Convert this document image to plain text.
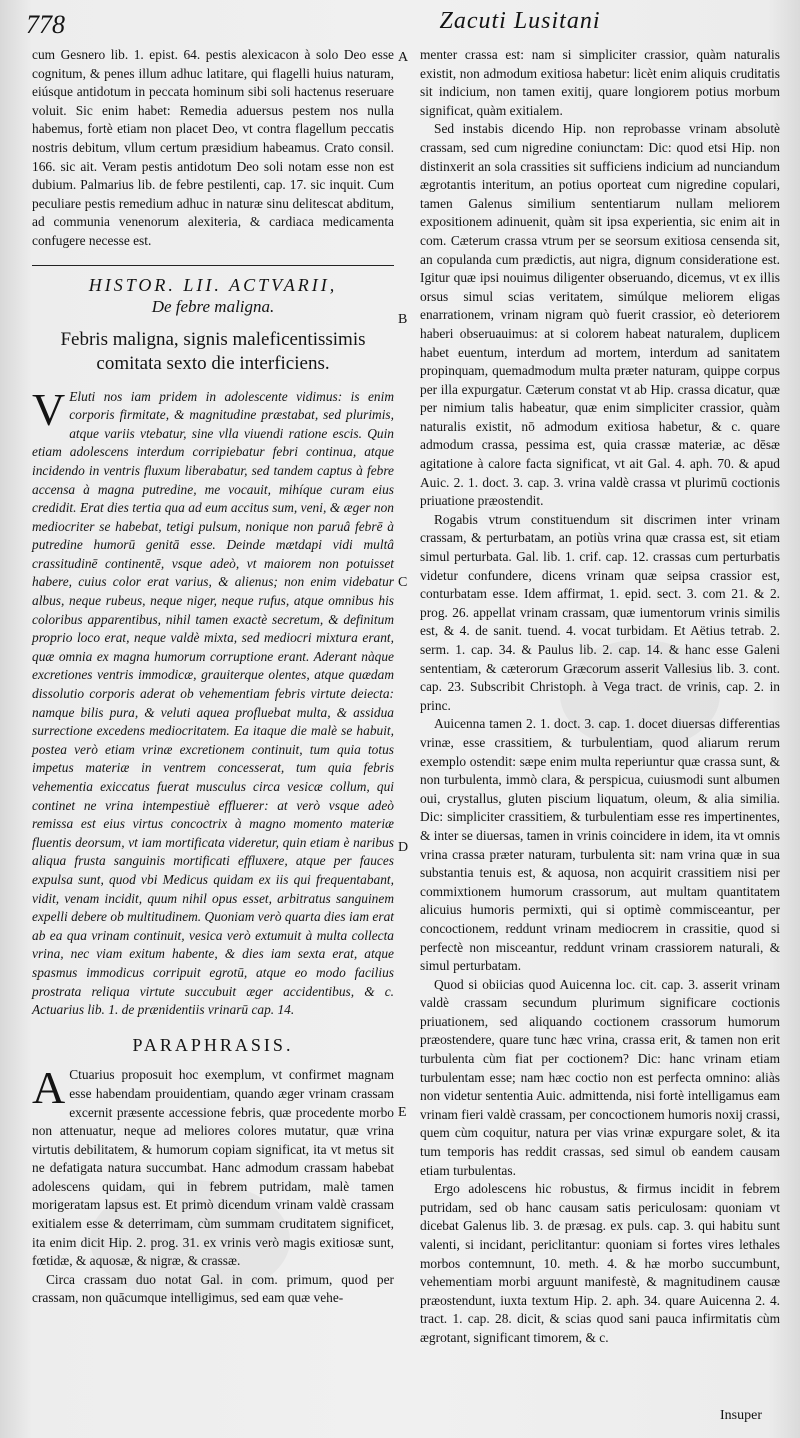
778	Zacuti Lusitani
A
B
C
D
E

cum Gesnero lib. 1. epist. 64. pestis alexicacon à solo Deo esse cognitum, & penes illum adhuc latitare, qui flagelli huius naturam, eiúsque antidotum in peccata hominum sibi soli hactenus reseruare voluit. Sic enim habet: Remedia aduersus pestem nos nulla habemus, fortè etiam non placet Deo, vt contra flagellum peccatis nostris debitum, vllum certum præsidium habeamus. Crato consil. 166. sic ait. Veram pestis antidotum Deo soli notam esse non est dubium. Palmarius lib. de febre pestilenti, cap. 17. sic inquit. Cum peculiare pestis remedium adhuc in naturæ sinu delitescat abditum, ad communia venenorum alexiteria, & cardiaca medicamenta confugere necesse est.

HISTOR. LII. ACTVARII,
De febre maligna.
Febris maligna, signis maleficentissimis comitata sexto die interficiens.

V Eluti nos iam pridem in adolescente vidimus: is enim corporis firmitate, & magnitudine præstabat, sed plurimis, atque variis vtebatur, sine vlla viuendi ratione escis. Quin etiam adolescens interdum corripiebatur febri continua, atque incidendo in ventris fluxum liberabatur, sed tandem captus à febre accensa à magna putredine, me vocauit, mihíque curam eius credidit. Erat dies tertia qua ad eum accitus sum, veni, & æger non mediocriter se habebat, tetigi pulsum, nonique non paruâ febrē à putredine humorū genitā esse. Deinde mætdapi vidi multâ crassitudinē continentē, vsque adeò, vt maiorem non potuisset habere, cuius color erat varius, & alienus; non enim videbatur albus, neque rubeus, neque niger, neque rufus, atque omnibus his coloribus apparentibus, nihil tamen exactè secretum, & definitum proprio loco erat, neque valdè mixta, sed mediocri mixtura erant, quæ omnia ex magna humorum corruptione erant. Aderant nàque excretiones ventris immodicæ, grauiterque olentes, atque quædam dissolutio corporis aderat ob vehementiam febris virtute deiecta: namque bilis pura, & veluti aquea profluebat multa, & assidua surrectione excedens mediocritatem. Ea itaque die malè se habuit, postea verò etiam vrinæ excretionem continuit, tum quia totus impetus materiæ in ventrem concesserat, tum quia febris vehementia exiccatus fuerat musculus circa vesicæ collum, qui continet ne vrina intempestiuè effluerer: at verò vsque adeò remissa est eius virtus concoctrix à magno momento materiæ fluentis deorsum, vt iam mortificata videretur, quin etiam è naribus aliqua frusta sanguinis mortificati effluxere, atque per fauces expulsa sunt, quod vbi Medicus quidam ex iis qui frequentabant, vidit, venam incidit, quum nihil opus esset, arbitratus sanguinem expelli debere ob multitudinem. Quoniam verò quarta dies iam erat ab ea qua vrinam continuit, vesica verò extumuit à multa collecta vrina, nec viam exitum habente, & dies iam sexta erat, atque spasmus immodicus corripuit egrotū, atque eo modo facilius prostrata reliqua virtute succubuit æger accidentibus, & c. Actuarius lib. 1. de prænidentiis vrinarū cap. 14.

PARAPHRASIS.

A Ctuarius proposuit hoc exemplum, vt confirmet magnam esse habendam prouidentiam, quando æger vrinam crassam excernit præsente accessione febris, quæ procedente morbo non attenuatur, neque ad meliores colores mutatur, quæ vrina virtutis debilitatem, & humorum copiam significat, ita vt metus sit ne defatigata natura succumbat. Hanc admodum crassam habebat adolescens quidam, qui in febrem putridam, malè tamen morigeratam lapsus est. Et primò dicendum vrinam valdè crassam exitialem esse & deterrimam, cùm summam cruditatem significet, ita enim dicit Hip. 2. prog. 31. ex vrinis verò magis exitiosæ sunt, fœtidæ, & aquosæ, & nigræ, & crassæ.

Circa crassam duo notat Gal. in com. primum, quod per crassam, non quācumque intelligimus, sed eam quæ vehe-

menter crassa est: nam si simpliciter crassior, quàm naturalis existit, non admodum exitiosa habetur: licèt enim aliquis cruditatis sit indicium, non tamen exitij, quare longiorem potius morbum significat, quàm exitialem.

Sed instabis dicendo Hip. non reprobasse vrinam absolutè crassam, sed cum nigredine coniunctam: Dic: quod etsi Hip. non distinxerit an sola crassities sit sufficiens indicium ad nunciandum ægrotantis interitum, an potius oporteat cum nigredine copulari, tamen Galenus similium sententiarum nullam meliorem expositionem adinuenit, quàm sit ipsa experientia, sic enim ait in com. Cæterum crassa vtrum per se seorsum exitiosa censenda sit, an copulanda cum prædictis, aut nigra, dignum consideratione est. Igitur quæ ipsi nouimus diligenter obseruando, dicemus, vt ex illis orsus simul scias veritatem, simúlque meliorem eligas enarrationem, vrinam nigram quò fuerit crassior, eò deteriorem haberi obseruauimus: at si colorem habeat naturalem, duplicem habet euentum, interdum ad mortem, interdum ad sanitatem propinquam, quemadmodum multa præter naturam, quippe corpus per illa expurgatur. Cæterum constat vt ab Hip. crassa dicatur, quæ per nimium talis habeatur, quæ enim simpliciter crassior, quàm naturalis existit, nō admodum exitiosa habetur, & c. quare admodum crassa, pessima est, quia crassæ materiæ, ac dēsæ agitatione à calore facta significat, vt ait Gal. 4. aph. 70. & apud Auic. 2. 1. doct. 3. cap. 3. vrina valdè crassa vt plurimū coctionis priuatione præostendit.

Rogabis vtrum constituendum sit discrimen inter vrinam crassam, & perturbatam, an potiùs vrina quæ crassa est, sit etiam simul perturbata. Gal. lib. 1. crif. cap. 12. crassas cum perturbatis videtur confundere, dicens vrinam quæ seipsa crassior est, conturbatam esse. Idem affirmat, 1. epid. sect. 3. com 21. & 2. prog. 26. appellat vrinam crassam, quæ iumentorum vrinis similis est, & 4. de sanit. tuend. 4. vocat turbidam. Et Aëtius tetrab. 2. serm. 1. cap. 34. & Paulus lib. 2. cap. 14. & hanc esse Galeni sententiam, & cæterorum Græcorum asserit Vallesius lib. 3. cont. cap. 23. Subscribit Christoph. à Vega tract. de vrinis, cap. 2. in princ.

Auicenna tamen 2. 1. doct. 3. cap. 1. docet diuersas differentias vrinæ, esse crassitiem, & turbulentiam, quod aliarum rerum exemplo ostendit: sæpe enim multa reperiuntur quæ crassa sunt, & non turbulenta, immò clara, & perspicua, cuiusmodi sunt albumen oui, crystallus, gluten piscium liquatum, oleum, & alia similia. Dic: simpliciter crassitiem, & turbulentiam esse res impertinentes, & inter se diuersas, tamen in vrinis coincidere in idem, ita vt omnis vrina crassa præter naturam, turbulenta sit: nam vrina quæ in sua substantia tenuis est, & aquosa, non acquirit crassitiem nisi per commixtionem humorum crassorum, aut multam quantitatem alicuius humoris permixti, qui si optimè commisceantur, per concoctionem, reddunt vrinam mediocrem in crassitie, quod si perfectè non misceantur, reddunt vrinam crassiorem naturali, & simul perturbatam.

Quod si obiicias quod Auicenna loc. cit. cap. 3. asserit vrinam valdè crassam secundum plurimum significare coctionis priuationem, sed aliquando coctionem crassorum humorum præostendere, quare tunc hæc vrina, crassa erit, & tamen non erit turbulenta cùm fiat per coctionem? Dic: hanc vrinam etiam turbulentam esse; nam hæc coctio non est perfecta omnino: aliàs non videtur sententia Auic. admittenda, nisi fortè intelligamus eam vrinam fieri valdè crassam, per concoctionem humoris noxij crassi, quem cùm coquitur, natura per vias vrinæ expurgare solet, & ita tum temporis has reddit crassas, sed simul ob eandem causam etiam turbulentas.

Ergo adolescens hic robustus, & firmus incidit in febrem putridam, sed ob hanc causam satis periculosam: quoniam vt dicebat Galenus lib. 3. de præsag. ex puls. cap. 3. qui habitu sunt valenti, si incidant, periclitantur: quoniam si fortes vires lethales morbos contemnunt, 10. meth. 4. & hæ morbo succumbunt, vehementiam morbi arguunt manifestè, & magnitudinem causæ præostendunt, iuxta textum Hip. 2. aph. 34. quare Auicenna 2. 4. tract. 1. cap. 28. dicit, & scias quod sani pauca infirmitatis cùm ægrotant, significant timorem, & c.

Insuper
